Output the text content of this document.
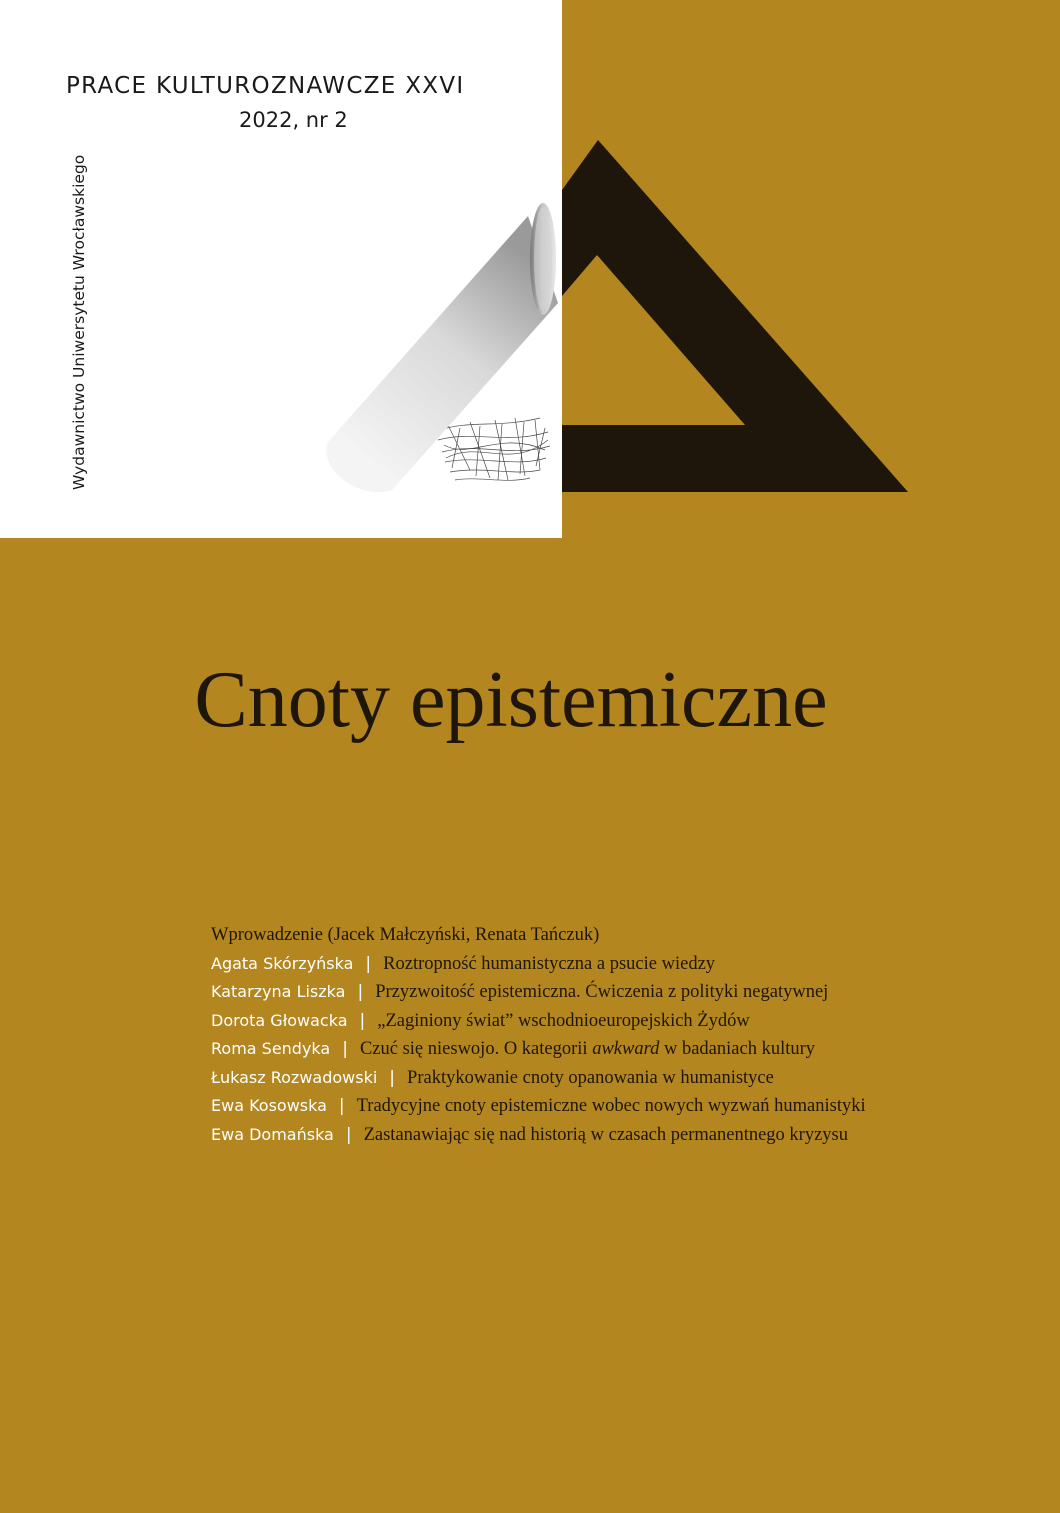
PRACE KULTUROZNAWCZE XXVI
2022, nr 2
Wydawnictwo Uniwersytetu Wrocławskiego
Cnoty epistemiczne
Wprowadzenie (Jacek Małczyński, Renata Tańczuk)
Agata Skórzyńska | Roztropność humanistyczna a psucie wiedzy
Katarzyna Liszka | Przyzwoitość epistemiczna. Ćwiczenia z polityki negatywnej
Dorota Głowacka | „Zaginiony świat” wschodnioeuropejskich Żydów
Roma Sendyka | Czuć się nieswojo. O kategorii awkward w badaniach kultury
Łukasz Rozwadowski | Praktykowanie cnoty opanowania w humanistyce
Ewa Kosowska | Tradycyjne cnoty epistemiczne wobec nowych wyzwań humanistyki
Ewa Domańska | Zastanawiając się nad historią w czasach permanentnego kryzysu
